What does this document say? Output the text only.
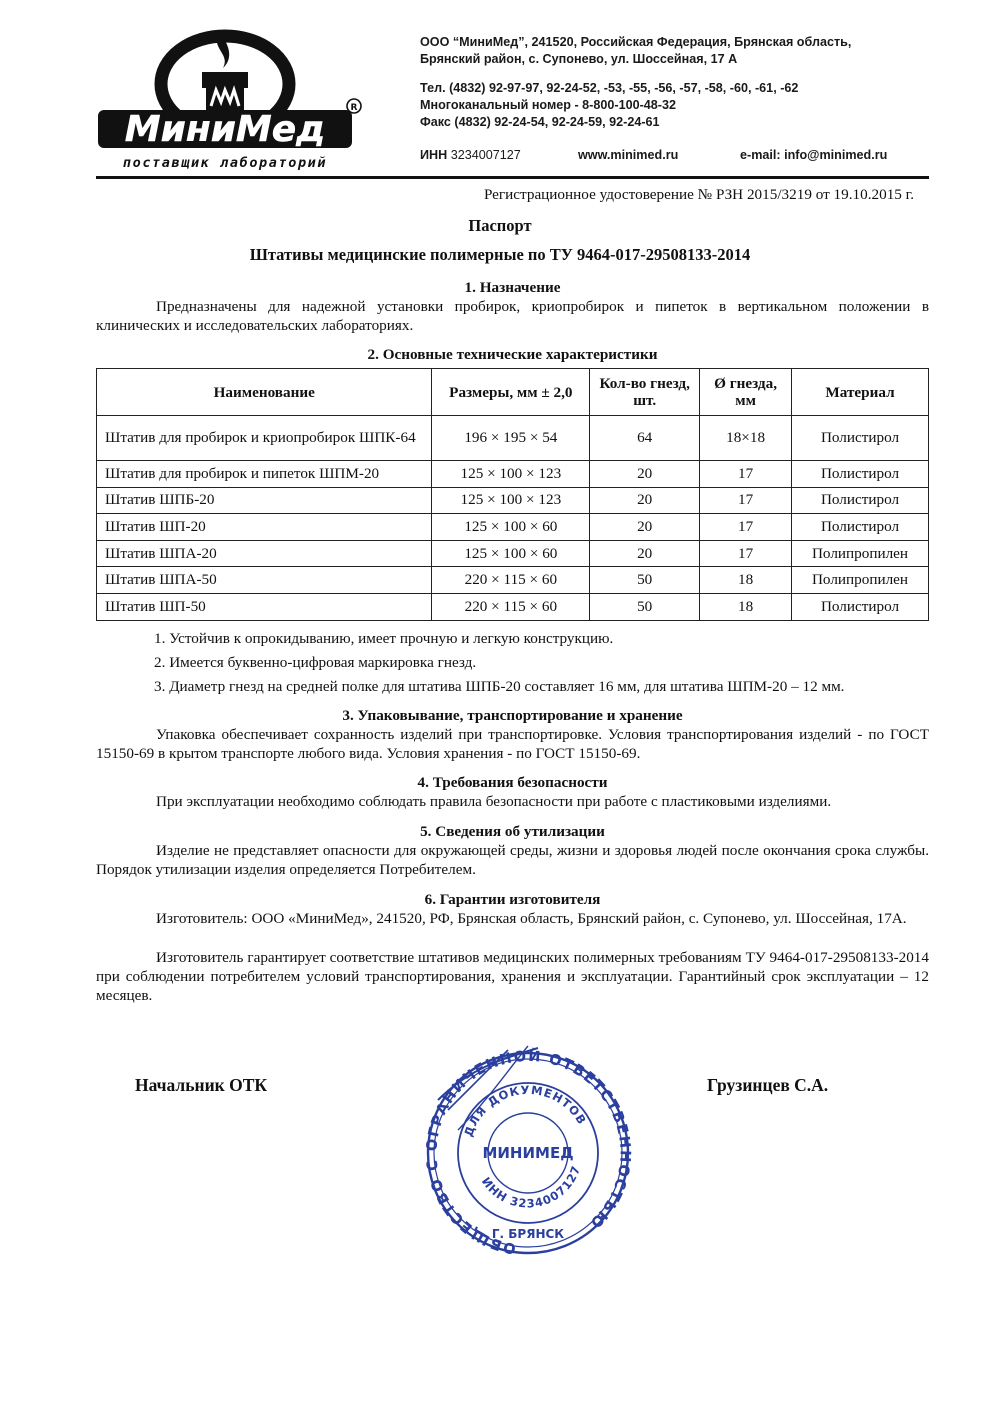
МиниМед
R
поставщик лабораторий
ООО “МиниМед”, 241520, Российская Федерация, Брянская область,
Брянский район, с. Супонево, ул. Шоссейная, 17 А
Тел. (4832) 92-97-97, 92-24-52, -53, -55, -56, -57, -58, -60, -61, -62
Многоканальный номер - 8-800-100-48-32
Факс (4832) 92-24-54, 92-24-59, 92-24-61
ИНН 3234007127	www.minimed.ru	e-mail: info@minimed.ru
Регистрационное удостоверение № РЗН 2015/3219 от 19.10.2015 г.
Паспорт
Штативы медицинские полимерные по ТУ 9464-017-29508133-2014
1. Назначение
Предназначены для надежной установки пробирок, криопробирок и пипеток в вертикальном положении в клинических и исследовательских лабораториях.
2. Основные технические характеристики
Наименование	Размеры, мм ± 2,0	Кол-во гнезд, шт.	Ø гнезда, мм	Материал
Штатив для пробирок и криопробирок ШПК-64	196 × 195 × 54	64	18×18	Полистирол
Штатив для пробирок и пипеток ШПМ-20	125 × 100 × 123	20	17	Полистирол
Штатив ШПБ-20	125 × 100 × 123	20	17	Полистирол
Штатив ШП-20	125 × 100 × 60	20	17	Полистирол
Штатив ШПА-20	125 × 100 × 60	20	17	Полипропилен
Штатив ШПА-50	220 × 115 × 60	50	18	Полипропилен
Штатив ШП-50	220 × 115 × 60	50	18	Полистирол
1. Устойчив к опрокидыванию, имеет прочную и легкую конструкцию.
2. Имеется буквенно-цифровая маркировка гнезд.
3. Диаметр гнезд на средней полке для штатива ШПБ-20 составляет 16 мм, для штатива ШПМ-20 – 12 мм.
3. Упаковывание, транспортирование и хранение
Упаковка обеспечивает сохранность изделий при транспортировке. Условия транспортирования изделий - по ГОСТ 15150-69 в крытом транспорте любого вида. Условия хранения - по ГОСТ 15150-69.
4. Требования безопасности
При эксплуатации необходимо соблюдать правила безопасности при работе с пластиковыми изделиями.
5. Сведения об утилизации
Изделие не представляет опасности для окружающей среды, жизни и здоровья людей после окончания срока службы. Порядок утилизации изделия определяется Потребителем.
6. Гарантии изготовителя
Изготовитель: ООО «МиниМед», 241520, РФ, Брянская область, Брянский район, с. Супонево, ул. Шоссейная, 17А.
Изготовитель гарантирует соответствие штативов медицинских полимерных требованиям ТУ 9464-017-29508133-2014 при соблюдении потребителем условий транспортирования, хранения и эксплуатации. Гарантийный срок эксплуатации – 12 месяцев.
Начальник ОТК	Грузинцев С.А.
ОБЩЕСТВО С ОГРАНИЧЕННОЙ ОТВЕТСТВЕННОСТЬЮ
ДЛЯ ДОКУМЕНТОВ
МИНИМЕД
ИНН 3234007127
Г. БРЯНСК
